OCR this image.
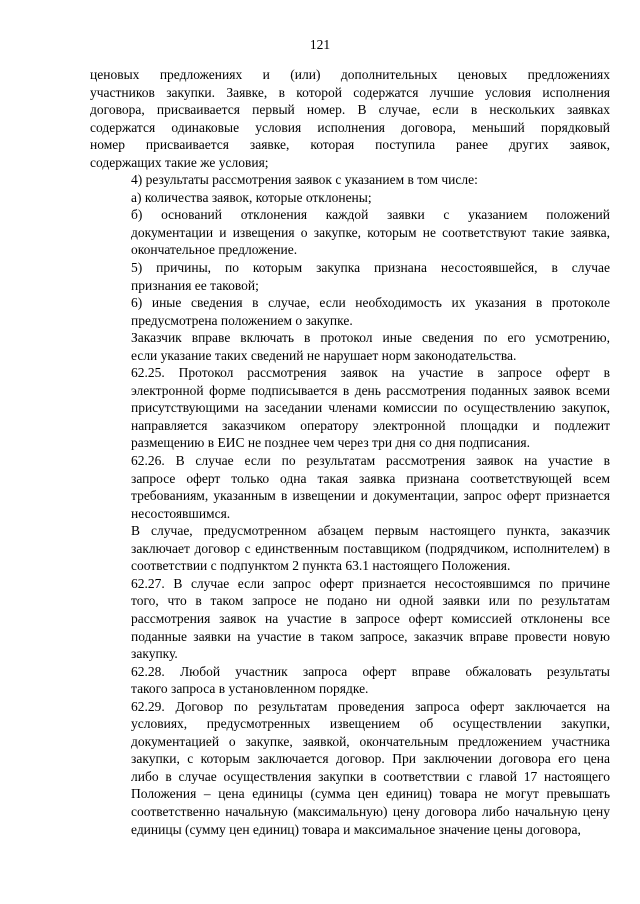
121

ценовых предложениях и (или) дополнительных ценовых предложениях
участников закупки. Заявке, в которой содержатся лучшие условия исполнения
договора, присваивается первый номер. В случае, если в нескольких заявках
содержатся одинаковые условия исполнения договора, меньший порядковый
номер присваивается заявке, которая поступила ранее других заявок,
содержащих такие же условия;

4) результаты рассмотрения заявок с указанием в том числе:

а) количества заявок, которые отклонены;

б) оснований отклонения каждой заявки с указанием положений
документации и извещения о закупке, которым не соответствуют такие заявка,
окончательное предложение.

5) причины, по которым закупка признана несостоявшейся, в случае
признания ее таковой;

6) иные сведения в случае, если необходимость их указания в протоколе
предусмотрена положением о закупке.

Заказчик вправе включать в протокол иные сведения по его усмотрению,
если указание таких сведений не нарушает норм законодательства.

62.25. Протокол рассмотрения заявок на участие в запросе оферт в
электронной форме подписывается в день рассмотрения поданных заявок всеми
присутствующими на заседании членами комиссии по осуществлению закупок,
направляется заказчиком оператору электронной площадки и подлежит
размещению в ЕИС не позднее чем через три дня со дня подписания.

62.26. В случае если по результатам рассмотрения заявок на участие в
запросе оферт только одна такая заявка признана соответствующей всем
требованиям, указанным в извещении и документации, запрос оферт признается
несостоявшимся.

В случае, предусмотренном абзацем первым настоящего пункта, заказчик
заключает договор с единственным поставщиком (подрядчиком, исполнителем) в
соответствии с подпунктом 2 пункта 63.1 настоящего Положения.

62.27. В случае если запрос оферт признается несостоявшимся по причине
того, что в таком запросе не подано ни одной заявки или по результатам
рассмотрения заявок на участие в запросе оферт комиссией отклонены все
поданные заявки на участие в таком запросе, заказчик вправе провести новую
закупку.

62.28. Любой участник запроса оферт вправе обжаловать результаты
такого запроса в установленном порядке.

62.29. Договор по результатам проведения запроса оферт заключается на
условиях, предусмотренных извещением об осуществлении закупки,
документацией о закупке, заявкой, окончательным предложением участника
закупки, с которым заключается договор. При заключении договора его цена
либо в случае осуществления закупки в соответствии с главой 17 настоящего
Положения – цена единицы (сумма цен единиц) товара не могут превышать
соответственно начальную (максимальную) цену договора либо начальную цену
единицы (сумму цен единиц) товара и максимальное значение цены договора,
